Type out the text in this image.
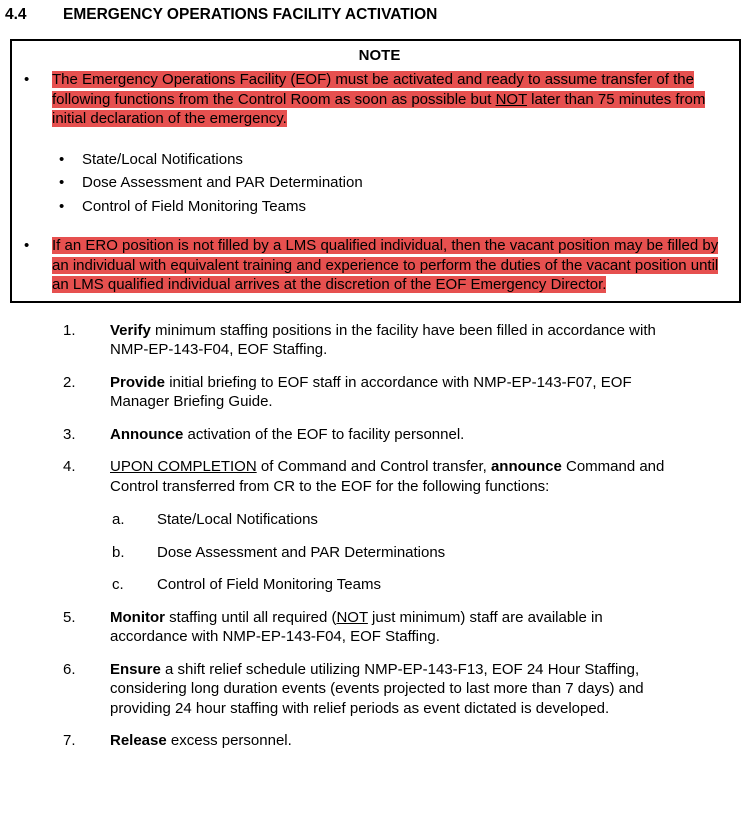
4.4	EMERGENCY OPERATIONS FACILITY ACTIVATION
NOTE
•	The Emergency Operations Facility (EOF) must be activated and ready to assume transfer of the following functions from the Control Room as soon as possible but NOT later than 75 minutes from initial declaration of the emergency.
•	State/Local Notifications
•	Dose Assessment and PAR Determination
•	Control of Field Monitoring Teams
•	If an ERO position is not filled by a LMS qualified individual, then the vacant position may be filled by an individual with equivalent training and experience to perform the duties of the vacant position until an LMS qualified individual arrives at the discretion of the EOF Emergency Director.
1.	Verify minimum staffing positions in the facility have been filled in accordance with NMP-EP-143-F04, EOF Staffing.
2.	Provide initial briefing to EOF staff in accordance with NMP-EP-143-F07, EOF Manager Briefing Guide.
3.	Announce activation of the EOF to facility personnel.
4.	UPON COMPLETION of Command and Control transfer, announce Command and Control transferred from CR to the EOF for the following functions:
a.	State/Local Notifications
b.	Dose Assessment and PAR Determinations
c.	Control of Field Monitoring Teams
5.	Monitor staffing until all required (NOT just minimum) staff are available in accordance with NMP-EP-143-F04, EOF Staffing.
6.	Ensure a shift relief schedule utilizing NMP-EP-143-F13, EOF 24 Hour Staffing, considering long duration events (events projected to last more than 7 days) and providing 24 hour staffing with relief periods as event dictated is developed.
7.	Release excess personnel.
